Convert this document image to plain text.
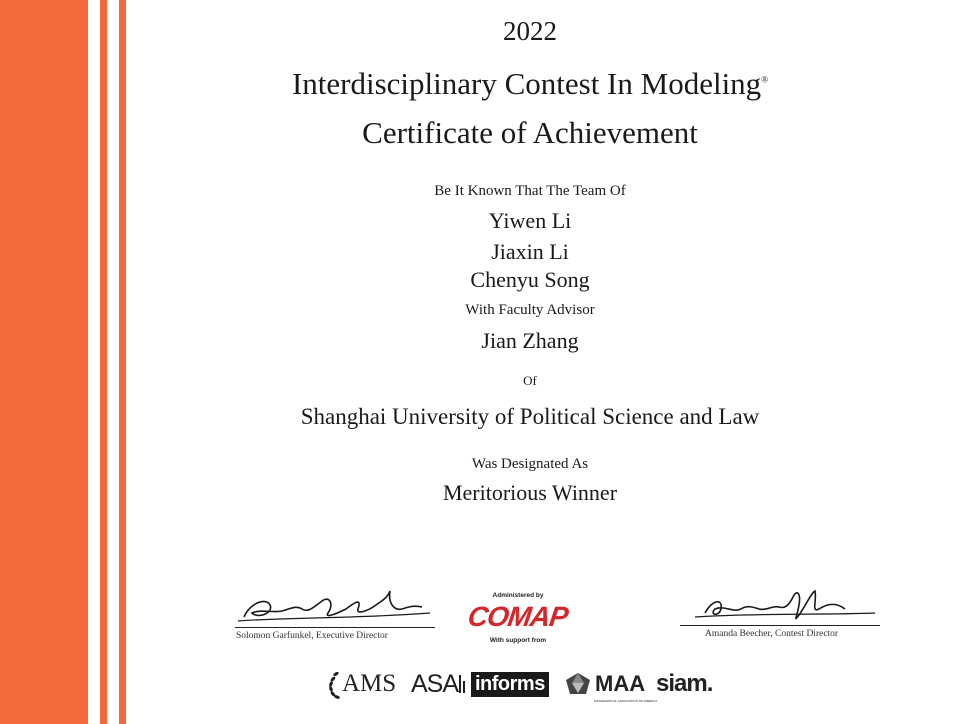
2022
Interdisciplinary Contest In Modeling®
Certificate of Achievement
Be It Known That The Team Of
Yiwen Li
Jiaxin Li
Chenyu Song
With Faculty Advisor
Jian Zhang
Of
Shanghai University of Political Science and Law
Was Designated As
Meritorious Winner
Solomon Garfunkel, Executive Director
Administered by
COMAP
With support from
Amanda Beecher, Contest Director
AMS ASA informs MAA siam.
MATHEMATICAL ASSOCIATION OF AMERICA
